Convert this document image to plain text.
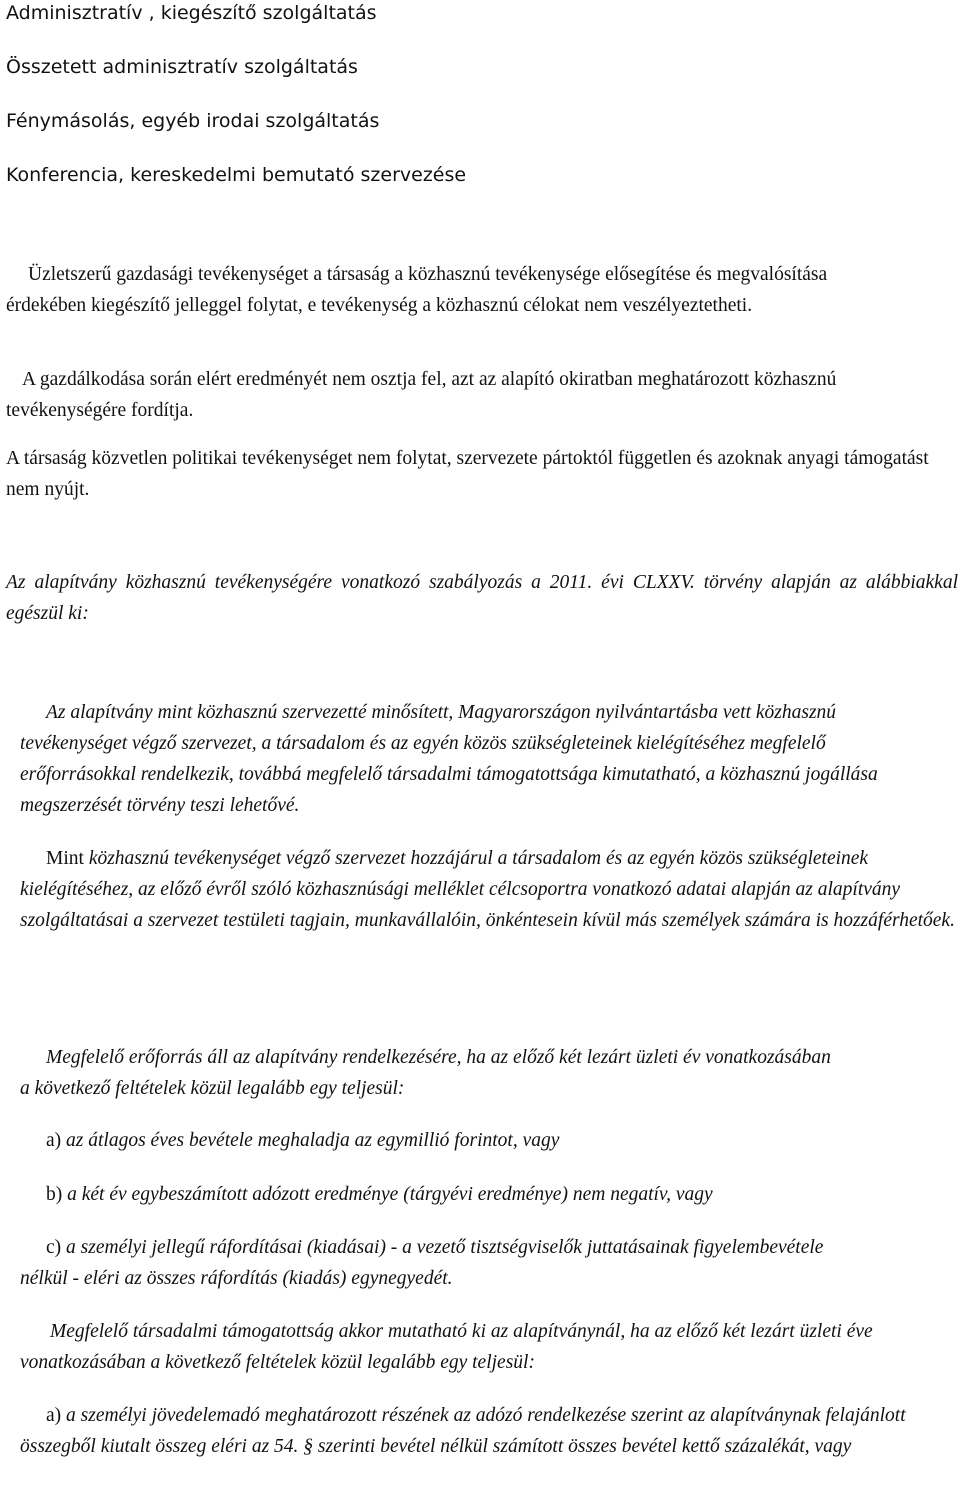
Adminisztratív , kiegészítő szolgáltatás
Összetett adminisztratív szolgáltatás
Fénymásolás, egyéb irodai szolgáltatás
Konferencia, kereskedelmi bemutató szervezése

Üzletszerű gazdasági tevékenységet a társaság a közhasznú tevékenysége elősegítése és megvalósítása érdekében kiegészítő jelleggel folytat, e tevékenység a közhasznú célokat nem veszélyeztetheti.

A gazdálkodása során elért eredményét nem osztja fel, azt az alapító okiratban meghatározott közhasznú tevékenységére fordítja.

A társaság közvetlen politikai tevékenységet nem folytat, szervezete pártoktól független és azoknak anyagi támogatást nem nyújt.

Az alapítvány közhasznú tevékenységére vonatkozó szabályozás a 2011. évi CLXXV. törvény alapján az alábbiakkal egészül ki:

Az alapítvány mint közhasznú szervezetté minősített, Magyarországon nyilvántartásba vett közhasznú tevékenységet végző szervezet, a társadalom és az egyén közös szükségleteinek kielégítéséhez megfelelő erőforrásokkal rendelkezik, továbbá megfelelő társadalmi támogatottsága kimutatható, a közhasznú jogállása megszerzését törvény teszi lehetővé.

Mint közhasznú tevékenységet végző szervezet hozzájárul a társadalom és az egyén közös szükségleteinek kielégítéséhez, az előző évről szóló közhasznúsági melléklet célcsoportra vonatkozó adatai alapján az alapítvány szolgáltatásai a szervezet testületi tagjain, munkavállalóin, önkéntesein kívül más személyek számára is hozzáférhetőek.

Megfelelő erőforrás áll az alapítvány rendelkezésére, ha az előző két lezárt üzleti év vonatkozásában a következő feltételek közül legalább egy teljesül:

a) az átlagos éves bevétele meghaladja az egymillió forintot, vagy

b) a két év egybeszámított adózott eredménye (tárgyévi eredménye) nem negatív, vagy

c) a személyi jellegű ráfordításai (kiadásai) - a vezető tisztségviselők juttatásainak figyelembevétele nélkül - eléri az összes ráfordítás (kiadás) egynegyedét.

Megfelelő társadalmi támogatottság akkor mutatható ki az alapítványnál, ha az előző két lezárt üzleti éve vonatkozásában a következő feltételek közül legalább egy teljesül:

a) a személyi jövedelemadó meghatározott részének az adózó rendelkezése szerint az alapítványnak felajánlott összegből kiutalt összeg eléri az 54. § szerinti bevétel nélkül számított összes bevétel kettő százalékát, vagy
